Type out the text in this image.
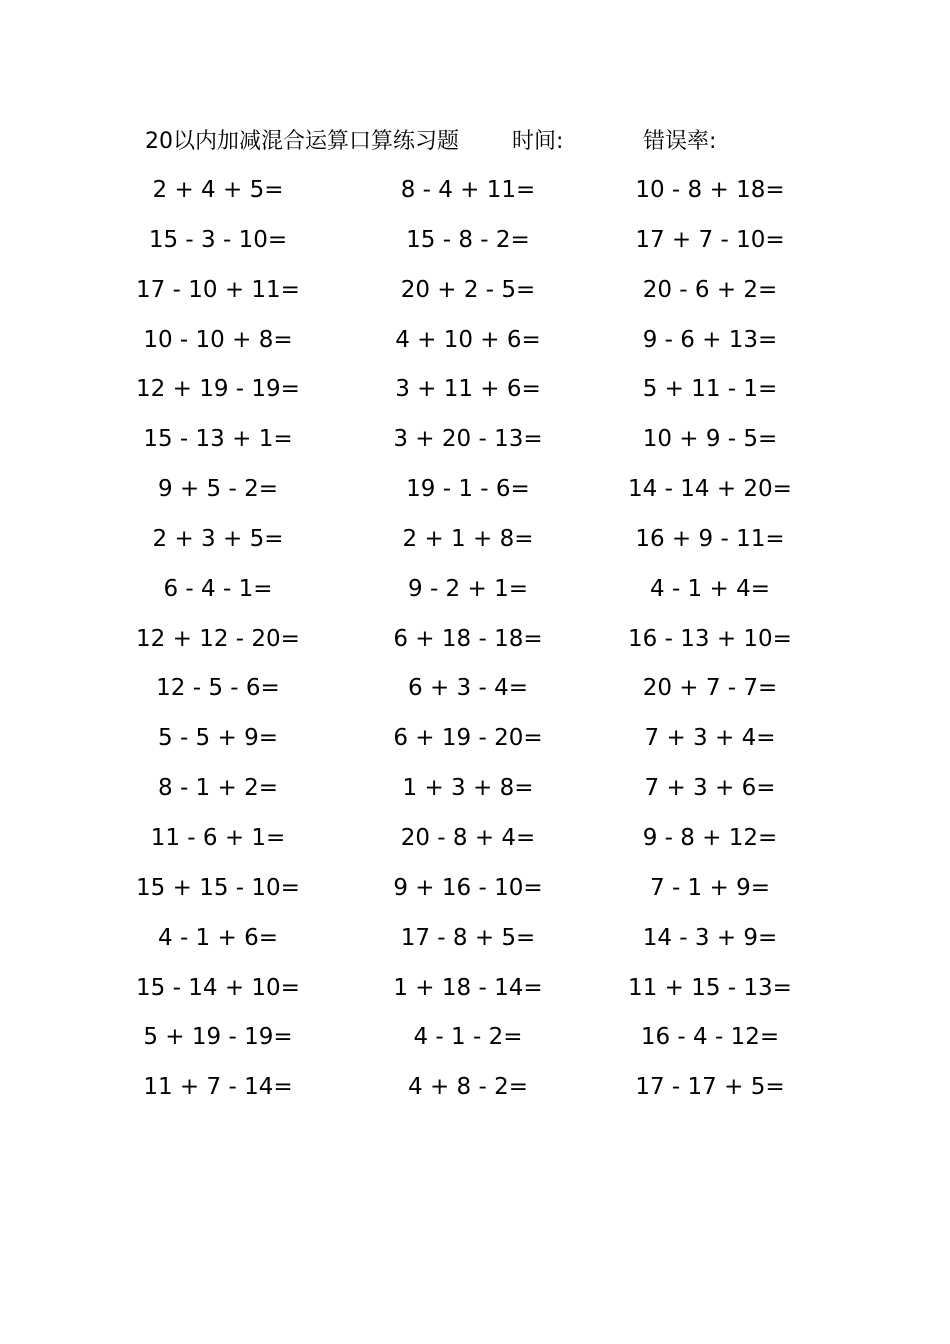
20以内加减混合运算口算练习题 时间:	错误率:
2 + 4 + 5=	8 - 4 + 11=	10 - 8 + 18=
15 - 3 - 10=	15 - 8 - 2=	17 + 7 - 10=
17 - 10 + 11=	20 + 2 - 5=	20 - 6 + 2=
10 - 10 + 8=	4 + 10 + 6=	9 - 6 + 13=
12 + 19 - 19=	3 + 11 + 6=	5 + 11 - 1=
15 - 13 + 1=	3 + 20 - 13=	10 + 9 - 5=
9 + 5 - 2=	19 - 1 - 6=	14 - 14 + 20=
2 + 3 + 5=	2 + 1 + 8=	16 + 9 - 11=
6 - 4 - 1=	9 - 2 + 1=	4 - 1 + 4=
12 + 12 - 20=	6 + 18 - 18=	16 - 13 + 10=
12 - 5 - 6=	6 + 3 - 4=	20 + 7 - 7=
5 - 5 + 9=	6 + 19 - 20=	7 + 3 + 4=
8 - 1 + 2=	1 + 3 + 8=	7 + 3 + 6=
11 - 6 + 1=	20 - 8 + 4=	9 - 8 + 12=
15 + 15 - 10=	9 + 16 - 10=	7 - 1 + 9=
4 - 1 + 6=	17 - 8 + 5=	14 - 3 + 9=
15 - 14 + 10=	1 + 18 - 14=	11 + 15 - 13=
5 + 19 - 19=	4 - 1 - 2=	16 - 4 - 12=
11 + 7 - 14=	4 + 8 - 2=	17 - 17 + 5=
